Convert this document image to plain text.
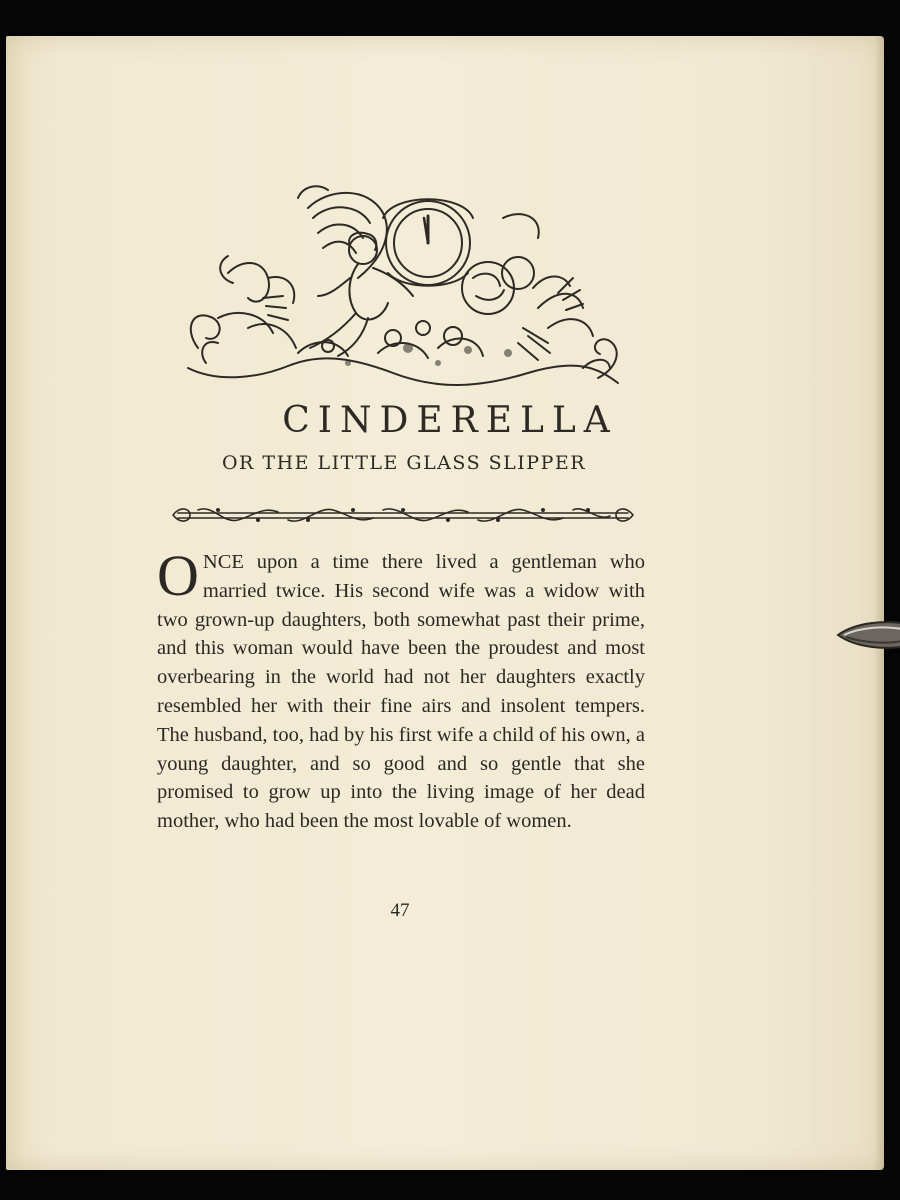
CINDERELLA
OR THE LITTLE GLASS SLIPPER

ONCE upon a time there lived a gentleman who married twice. His second wife was a widow with two grown-up daughters, both somewhat past their prime, and this woman would have been the proudest and most overbearing in the world had not her daughters exactly resembled her with their fine airs and insolent tempers. The husband, too, had by his first wife a child of his own, a young daughter, and so good and so gentle that she promised to grow up into the living image of her dead mother, who had been the most lovable of women.

47
